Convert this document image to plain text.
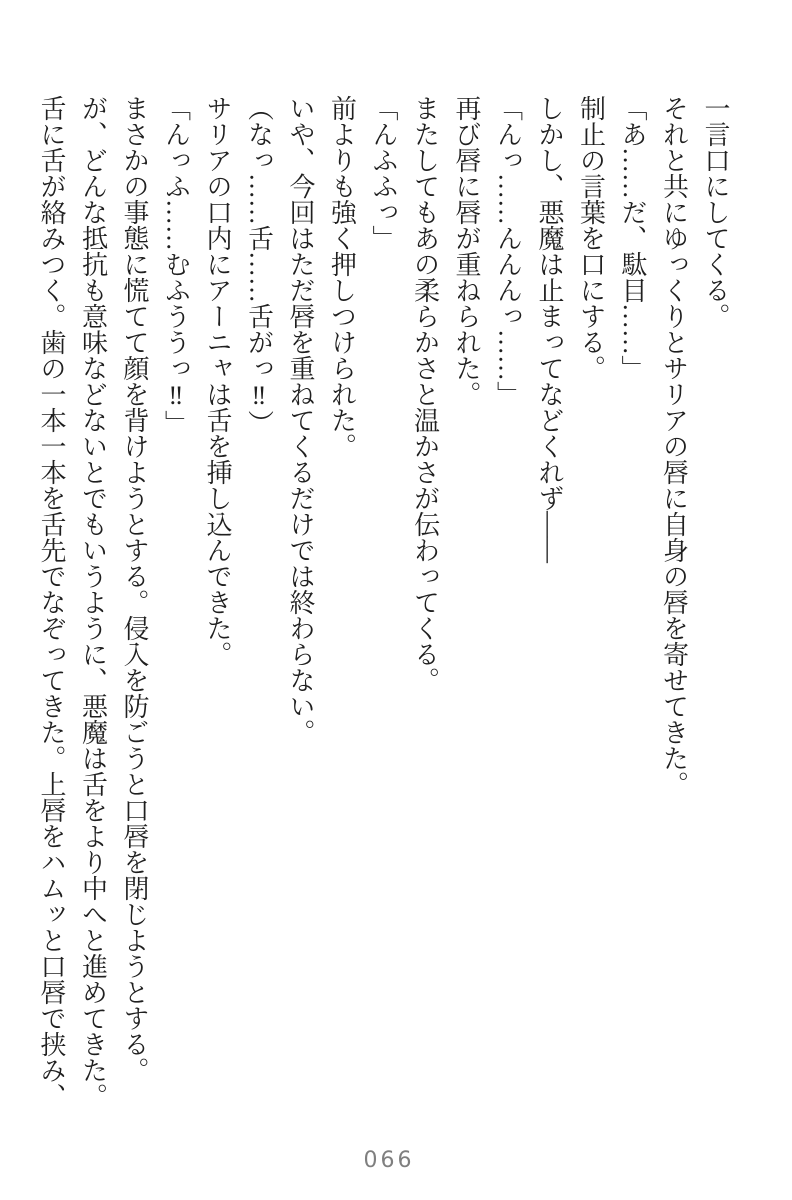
一言口にしてくる。

それと共にゆっくりとサリアの唇に自身の唇を寄せてきた。

「あ……だ、駄目……」

制止の言葉を口にする。

しかし、悪魔は止まってなどくれず――

「んっ……んんんっ……」

再び唇に唇が重ねられた。

またしてもあの柔らかさと温かさが伝わってくる。

「んふふっ」

前よりも強く押しつけられた。

いや、今回はただ唇を重ねてくるだけでは終わらない。

（なっ……舌……舌がっ‼）

サリアの口内にアーニャは舌を挿し込んできた。

「んっふ……むふううっ‼」

まさかの事態に慌てて顔を背けようとする。侵入を防ごうと口唇を閉じようとする。

が、どんな抵抗も意味などないとでもいうように、悪魔は舌をより中へと進めてきた。

舌に舌が絡みつく。歯の一本一本を舌先でなぞってきた。上唇をハムッと口唇で挟み、

066
